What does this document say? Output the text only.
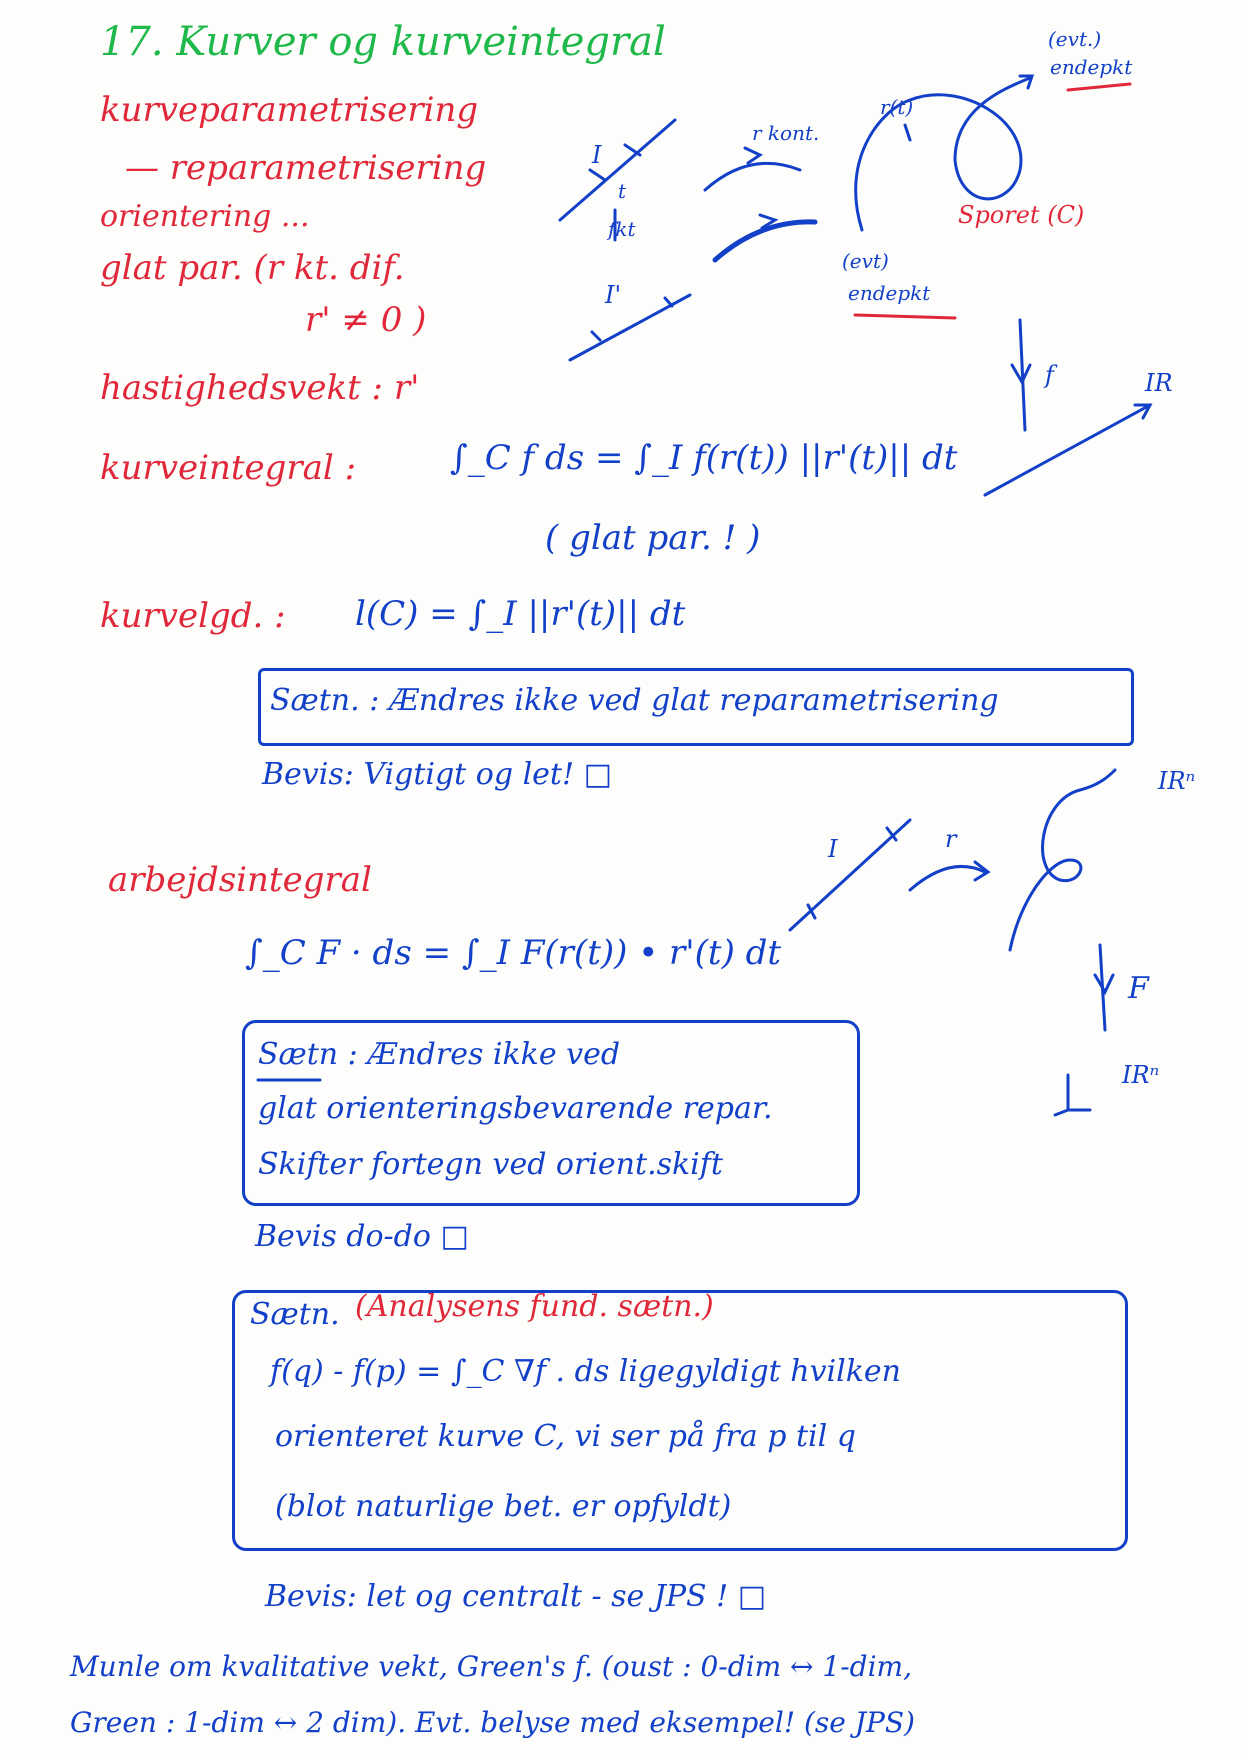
17. Kurver og kurveintegral
kurveparametrisering
— reparametrisering
orientering ...
glat par. (r kt. dif.
r' ≠ 0 )
hastighedsvekt : r'
kurveintegral :	∫_C f ds = ∫_I f(r(t)) ||r'(t)|| dt
( glat par. ! )
kurvelgd. : l(C) = ∫_I ||r'(t)|| dt
Sætn. : Ændres ikke ved glat reparametrisering
Bevis: Vigtigt og let! □
arbejdsintegral
∫_C F · ds = ∫_I F(r(t)) • r'(t) dt
Sætn : Ændres ikke ved
glat orienteringsbevarende repar.
Skifter fortegn ved orient.skift
Bevis do-do □
Sætn. (Analysens fund. sætn.)
f(q) - f(p) = ∫_C ∇f . ds ligegyldigt hvilken
orienteret kurve C, vi ser på fra p til q
(blot naturlige bet. er opfyldt)
Bevis: let og centralt - se JPS ! □
Munle om kvalitative vekt, Green's f. (oust : 0-dim ↔ 1-dim,
Green : 1-dim ↔ 2 dim). Evt. belyse med eksempel! (se JPS)
I
t
fkt
I'
r kont.
r(t)
(evt.)
endepkt
(evt)
endepkt
Sporet (C)
f	IR
I	r
IRⁿ
F
IRⁿ
